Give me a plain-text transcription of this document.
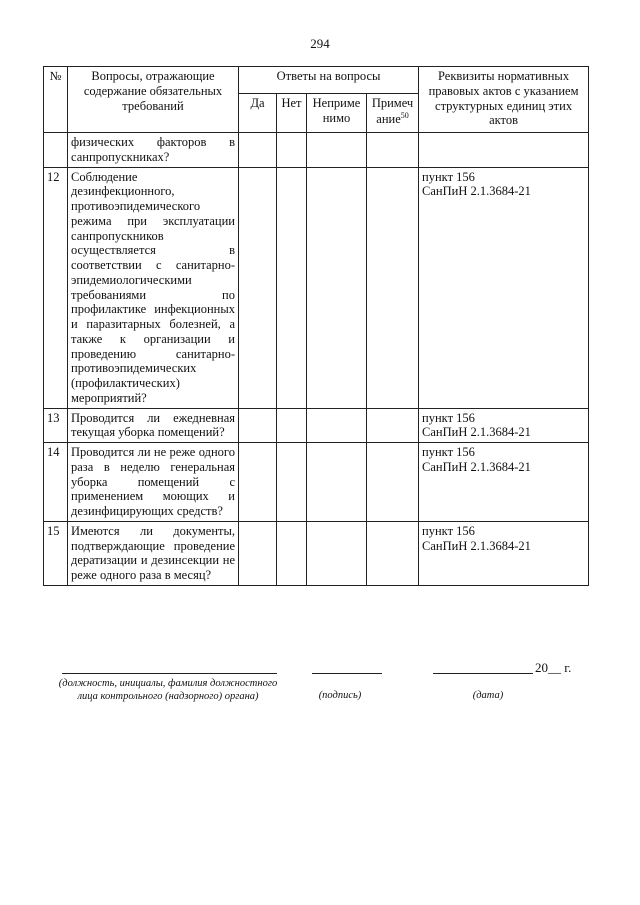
294
№	Вопросы, отражающие содержание обязательных требований	Ответы на вопросы				Реквизиты нормативных правовых актов с указанием структурных единиц этих актов
		Да	Нет	Неприме нимо	Примеч ание$^{50}$
	физических факторов в санпропускниках?					
12	Соблюдение дезинфекционного, противоэпидемического режима при эксплуатации санпропускников осуществляется в соответствии с санитарно-эпидемиологическими требованиями по профилактике инфекционных и паразитарных болезней, а также к организации и проведению санитарно-противоэпидемических (профилактических) мероприятий?					пункт 156
СанПиН 2.1.3684-21

13	Проводится ли ежедневная текущая уборка помещений?					пункт 156
СанПиН 2.1.3684-21

14	Проводится ли не реже одного раза в неделю генеральная уборка помещений с применением моющих и дезинфицирующих средств?					пункт 156
СанПиН 2.1.3684-21

15	Имеются ли документы, подтверждающие проведение дератизации и дезинсекции не реже одного раза в месяц?					пункт 156
СанПиН 2.1.3684-21
20__ г.
(должность, инициалы, фамилия должностного
лица контрольного (надзорного) органа)	(подпись)	(дата)
